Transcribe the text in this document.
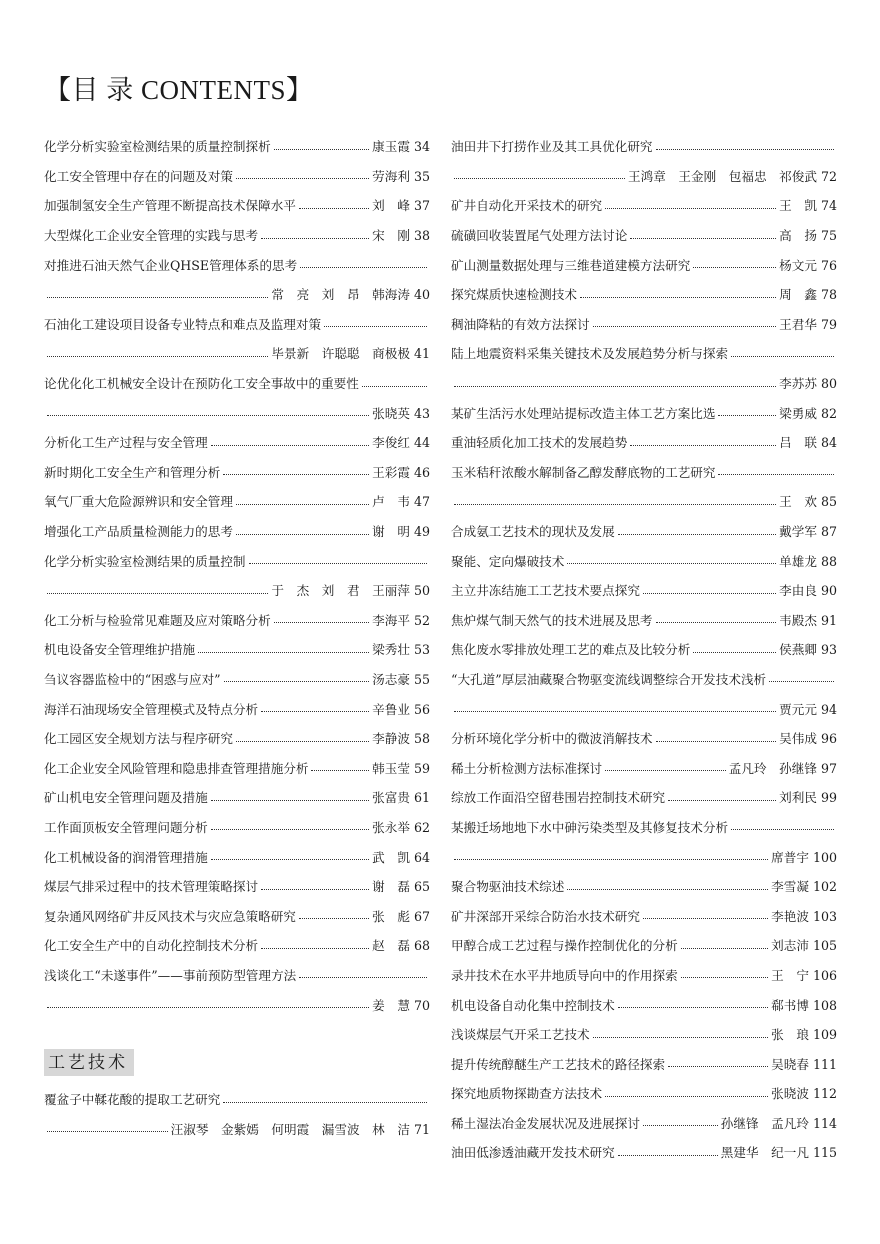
【目 录 CONTENTS】
化学分析实验室检测结果的质量控制探析	康玉霞 34
化工安全管理中存在的问题及对策	劳海利 35
加强制氢安全生产管理不断提高技术保障水平	刘　峰 37
大型煤化工企业安全管理的实践与思考	宋　刚 38
对推进石油天然气企业QHSE管理体系的思考
常　亮　刘　昂　韩海涛 40
石油化工建设项目设备专业特点和难点及监理对策
毕景新　许聪聪　商极极 41
论优化化工机械安全设计在预防化工安全事故中的重要性
张晓英 43
分析化工生产过程与安全管理	李俊红 44
新时期化工安全生产和管理分析	王彩霞 46
氧气厂重大危险源辨识和安全管理	卢　韦 47
增强化工产品质量检测能力的思考	谢　明 49
化学分析实验室检测结果的质量控制
于　杰　刘　君　王丽萍 50
化工分析与检验常见难题及应对策略分析	李海平 52
机电设备安全管理维护措施	梁秀壮 53
刍议容器监检中的“困惑与应对”	汤志豪 55
海洋石油现场安全管理模式及特点分析	辛鲁业 56
化工园区安全规划方法与程序研究	李静波 58
化工企业安全风险管理和隐患排查管理措施分析	韩玉莹 59
矿山机电安全管理问题及措施	张富贵 61
工作面顶板安全管理问题分析	张永举 62
化工机械设备的润滑管理措施	武　凯 64
煤层气排采过程中的技术管理策略探讨	谢　磊 65
复杂通风网络矿井反风技术与灾应急策略研究	张　彪 67
化工安全生产中的自动化控制技术分析	赵　磊 68
浅谈化工“未遂事件”——事前预防型管理方法
姜　慧 70
工艺技术
覆盆子中鞣花酸的提取工艺研究
汪淑琴　金紫嫣　何明霞　漏雪波　林　洁 71
油田井下打捞作业及其工具优化研究
王鸿章　王金刚　包福忠　祁俊武 72
矿井自动化开采技术的研究	王　凯 74
硫磺回收装置尾气处理方法讨论	高　扬 75
矿山测量数据处理与三维巷道建模方法研究	杨文元 76
探究煤质快速检测技术	周　鑫 78
稠油降粘的有效方法探讨	王君华 79
陆上地震资料采集关键技术及发展趋势分析与探索
李苏苏 80
某矿生活污水处理站提标改造主体工艺方案比选	梁勇威 82
重油轻质化加工技术的发展趋势	吕　联 84
玉米秸秆浓酸水解制备乙醇发酵底物的工艺研究
王　欢 85
合成氨工艺技术的现状及发展	戴学军 87
聚能、定向爆破技术	单雄龙 88
主立井冻结施工工艺技术要点探究	李由良 90
焦炉煤气制天然气的技术进展及思考	韦殿杰 91
焦化废水零排放处理工艺的难点及比较分析	侯燕卿 93
“大孔道”厚层油藏聚合物驱变流线调整综合开发技术浅析
贾元元 94
分析环境化学分析中的微波消解技术	吴伟成 96
稀土分析检测方法标准探讨	孟凡玲　孙继锋 97
综放工作面沿空留巷围岩控制技术研究	刘利民 99
某搬迁场地地下水中砷污染类型及其修复技术分析
席普宇 100
聚合物驱油技术综述	李雪凝 102
矿井深部开采综合防治水技术研究	李艳波 103
甲醇合成工艺过程与操作控制优化的分析	刘志沛 105
录井技术在水平井地质导向中的作用探索	王　宁 106
机电设备自动化集中控制技术	郗书博 108
浅谈煤层气开采工艺技术	张　琅 109
提升传统醇醚生产工艺技术的路径探索	吴晓春 111
探究地质物探勘查方法技术	张晓波 112
稀土湿法冶金发展状况及进展探讨	孙继锋　孟凡玲 114
油田低渗透油藏开发技术研究	黑建华　纪一凡 115
